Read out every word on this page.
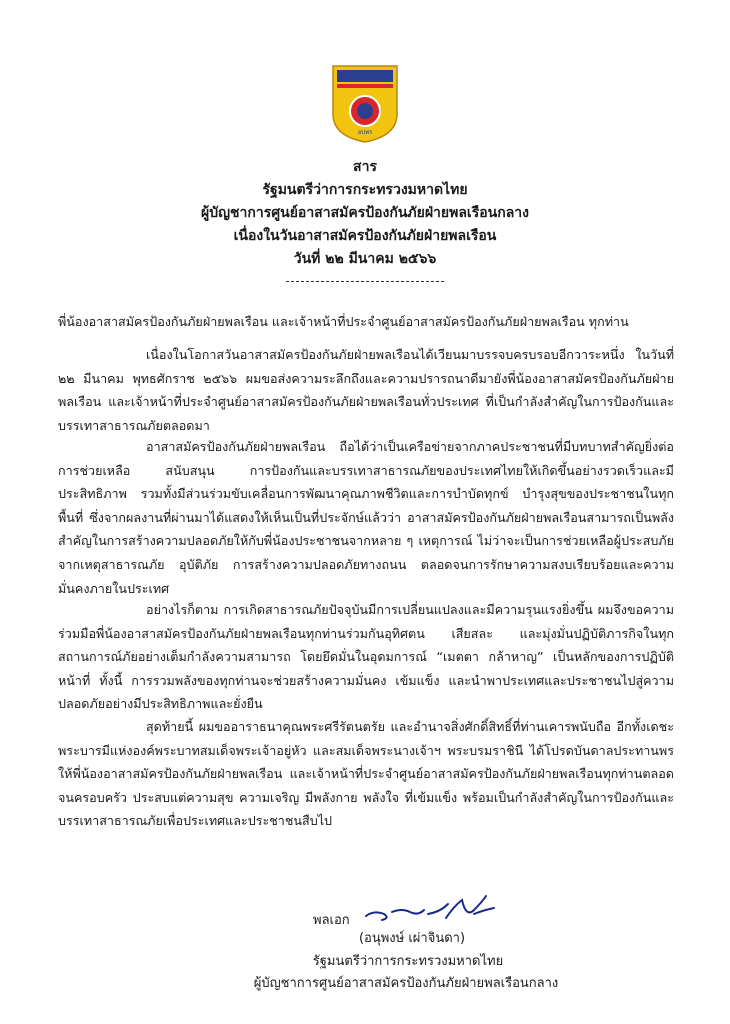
อปพร
สาร
รัฐมนตรีว่าการกระทรวงมหาดไทย
ผู้บัญชาการศูนย์อาสาสมัครป้องกันภัยฝ่ายพลเรือนกลาง
เนื่องในวันอาสาสมัครป้องกันภัยฝ่ายพลเรือน
วันที่ ๒๒ มีนาคม ๒๕๖๖
พี่น้องอาสาสมัครป้องกันภัยฝ่ายพลเรือน และเจ้าหน้าที่ประจำศูนย์อาสาสมัครป้องกันภัยฝ่ายพลเรือน ทุกท่าน
เนื่องในโอกาสวันอาสาสมัครป้องกันภัยฝ่ายพลเรือนได้เวียนมาบรรจบครบรอบอีกวาระหนึ่ง ในวันที่ ๒๒ มีนาคม พุทธศักราช ๒๕๖๖ ผมขอส่งความระลึกถึงและความปรารถนาดีมายังพี่น้องอาสาสมัครป้องกันภัยฝ่ายพลเรือน และเจ้าหน้าที่ประจำศูนย์อาสาสมัครป้องกันภัยฝ่ายพลเรือนทั่วประเทศ ที่เป็นกำลังสำคัญในการป้องกันและบรรเทาสาธารณภัยตลอดมา
อาสาสมัครป้องกันภัยฝ่ายพลเรือน ถือได้ว่าเป็นเครือข่ายจากภาคประชาชนที่มีบทบาทสำคัญยิ่งต่อการช่วยเหลือ สนับสนุน การป้องกันและบรรเทาสาธารณภัยของประเทศไทยให้เกิดขึ้นอย่างรวดเร็วและมีประสิทธิภาพ รวมทั้งมีส่วนร่วมขับเคลื่อนการพัฒนาคุณภาพชีวิตและการบำบัดทุกข์ บำรุงสุขของประชาชนในทุกพื้นที่ ซึ่งจากผลงานที่ผ่านมาได้แสดงให้เห็นเป็นที่ประจักษ์แล้วว่า อาสาสมัครป้องกันภัยฝ่ายพลเรือนสามารถเป็นพลังสำคัญในการสร้างความปลอดภัยให้กับพี่น้องประชาชนจากหลาย ๆ เหตุการณ์ ไม่ว่าจะเป็นการช่วยเหลือผู้ประสบภัยจากเหตุสาธารณภัย อุบัติภัย การสร้างความปลอดภัยทางถนน ตลอดจนการรักษาความสงบเรียบร้อยและความมั่นคงภายในประเทศ
อย่างไรก็ตาม การเกิดสาธารณภัยปัจจุบันมีการเปลี่ยนแปลงและมีความรุนแรงยิ่งขึ้น ผมจึงขอความร่วมมือพี่น้องอาสาสมัครป้องกันภัยฝ่ายพลเรือนทุกท่านร่วมกันอุทิศตน เสียสละ และมุ่งมั่นปฏิบัติภารกิจในทุกสถานการณ์ภัยอย่างเต็มกำลังความสามารถ โดยยึดมั่นในอุดมการณ์ “เมตตา กล้าหาญ” เป็นหลักของการปฏิบัติหน้าที่ ทั้งนี้ การรวมพลังของทุกท่านจะช่วยสร้างความมั่นคง เข้มแข็ง และนำพาประเทศและประชาชนไปสู่ความปลอดภัยอย่างมีประสิทธิภาพและยั่งยืน
สุดท้ายนี้ ผมขออาราธนาคุณพระศรีรัตนตรัย และอำนาจสิ่งศักดิ์สิทธิ์ที่ท่านเคารพนับถือ อีกทั้งเดชะพระบารมีแห่งองค์พระบาทสมเด็จพระเจ้าอยู่หัว และสมเด็จพระนางเจ้าฯ พระบรมราชินี ได้โปรดบันดาลประทานพรให้พี่น้องอาสาสมัครป้องกันภัยฝ่ายพลเรือน และเจ้าหน้าที่ประจำศูนย์อาสาสมัครป้องกันภัยฝ่ายพลเรือนทุกท่านตลอดจนครอบครัว ประสบแต่ความสุข ความเจริญ มีพลังกาย พลังใจ ที่เข้มแข็ง พร้อมเป็นกำลังสำคัญในการป้องกันและบรรเทาสาธารณภัยเพื่อประเทศและประชาชนสืบไป
พลเอก
(อนุพงษ์ เผ่าจินดา)
รัฐมนตรีว่าการกระทรวงมหาดไทย
ผู้บัญชาการศูนย์อาสาสมัครป้องกันภัยฝ่ายพลเรือนกลาง
